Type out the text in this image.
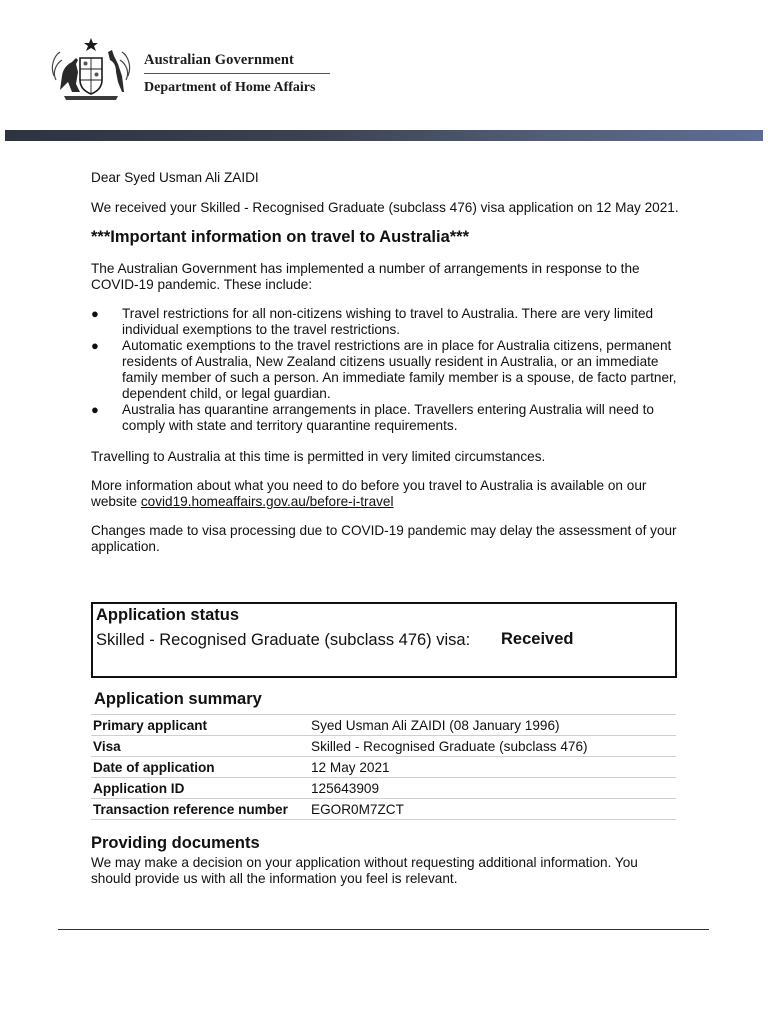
Australian Government
Department of Home Affairs

Dear Syed Usman Ali ZAIDI

We received your Skilled - Recognised Graduate (subclass 476) visa application on 12 May 2021.

***Important information on travel to Australia***

The Australian Government has implemented a number of arrangements in response to the COVID-19 pandemic. These include:

● Travel restrictions for all non-citizens wishing to travel to Australia. There are very limited individual exemptions to the travel restrictions.
● Automatic exemptions to the travel restrictions are in place for Australia citizens, permanent residents of Australia, New Zealand citizens usually resident in Australia, or an immediate family member of such a person. An immediate family member is a spouse, de facto partner, dependent child, or legal guardian.
● Australia has quarantine arrangements in place. Travellers entering Australia will need to comply with state and territory quarantine requirements.

Travelling to Australia at this time is permitted in very limited circumstances.

More information about what you need to do before you travel to Australia is available on our website covid19.homeaffairs.gov.au/before-i-travel

Changes made to visa processing due to COVID-19 pandemic may delay the assessment of your application.

Application status
Skilled - Recognised Graduate (subclass 476) visa:	Received
Application summary
Primary applicant	Syed Usman Ali ZAIDI (08 January 1996)
Visa	Skilled - Recognised Graduate (subclass 476)
Date of application	12 May 2021
Application ID	125643909
Transaction reference number	EGOR0M7ZCT
Providing documents

We may make a decision on your application without requesting additional information. You should provide us with all the information you feel is relevant.
